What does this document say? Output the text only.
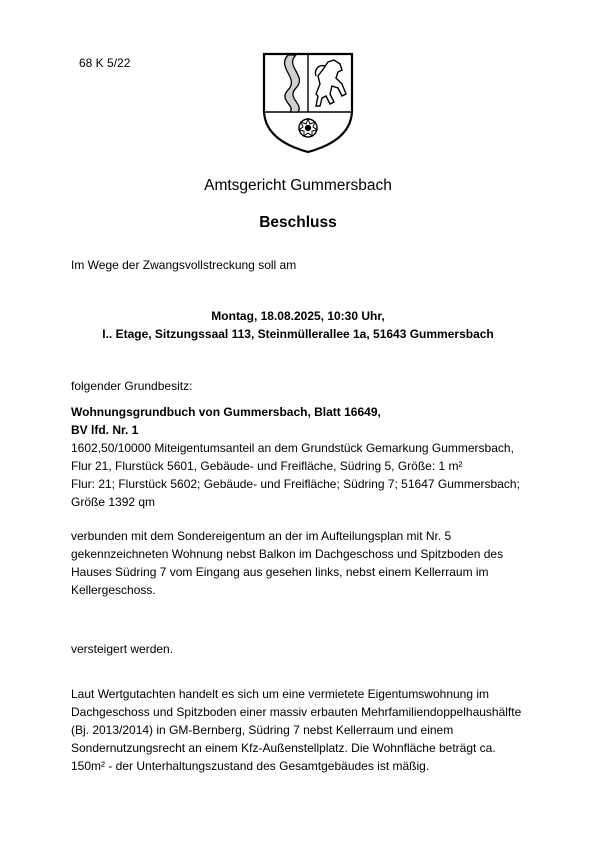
68 K 5/22
Amtsgericht Gummersbach
Beschluss
Im Wege der Zwangsvollstreckung soll am
Montag, 18.08.2025, 10:30 Uhr,
I.. Etage, Sitzungssaal 113, Steinmüllerallee 1a, 51643 Gummersbach
folgender Grundbesitz:
Wohnungsgrundbuch von Gummersbach, Blatt 16649,
BV lfd. Nr. 1
1602,50/10000 Miteigentumsanteil an dem Grundstück Gemarkung Gummersbach,
Flur 21, Flurstück 5601, Gebäude- und Freifläche, Südring 5, Größe: 1 m²
Flur: 21; Flurstück 5602; Gebäude- und Freifläche; Südring 7; 51647 Gummersbach;
Größe 1392 qm
verbunden mit dem Sondereigentum an der im Aufteilungsplan mit Nr. 5
gekennzeichneten Wohnung nebst Balkon im Dachgeschoss und Spitzboden des
Hauses Südring 7 vom Eingang aus gesehen links, nebst einem Kellerraum im
Kellergeschoss.
versteigert werden.
Laut Wertgutachten handelt es sich um eine vermietete Eigentumswohnung im
Dachgeschoss und Spitzboden einer massiv erbauten Mehrfamiliendoppelhaushälfte
(Bj. 2013/2014) in GM-Bernberg, Südring 7 nebst Kellerraum und einem
Sondernutzungsrecht an einem Kfz-Außenstellplatz. Die Wohnfläche beträgt ca.
150m² - der Unterhaltungszustand des Gesamtgebäudes ist mäßig.
